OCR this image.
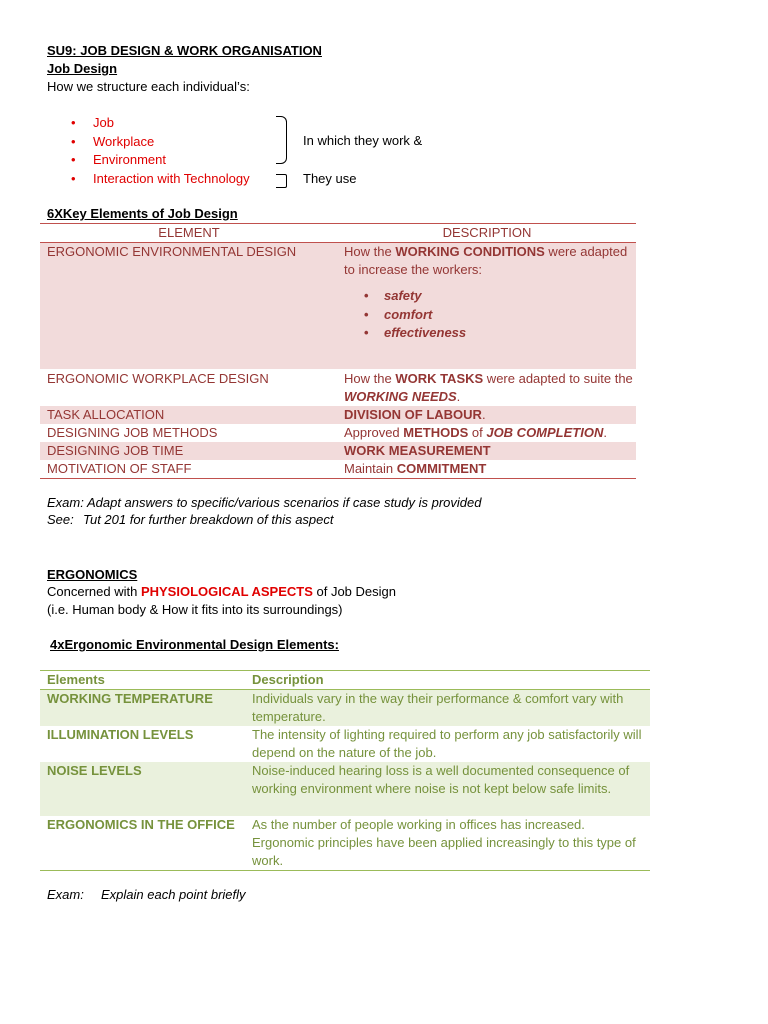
SU9: JOB DESIGN & WORK ORGANISATION
Job Design
How we structure each individual’s:
• Job
• Workplace
• Environment
• Interaction with Technology
In which they work &
They use
6XKey Elements of Job Design
ELEMENT	DESCRIPTION
ERGONOMIC ENVIRONMENTAL DESIGN	How the WORKING CONDITIONS were adapted to increase the workers:
• safety
• comfort
• effectiveness
ERGONOMIC WORKPLACE DESIGN	How the WORK TASKS were adapted to suite the WORKING NEEDS.
TASK ALLOCATION	DIVISION OF LABOUR.
DESIGNING JOB METHODS	Approved METHODS of JOB COMPLETION.
DESIGNING JOB TIME	WORK MEASUREMENT
MOTIVATION OF STAFF	Maintain COMMITMENT
Exam: Adapt answers to specific/various scenarios if case study is provided
See: Tut 201 for further breakdown of this aspect
ERGONOMICS
Concerned with PHYSIOLOGICAL ASPECTS of Job Design
(i.e. Human body & How it fits into its surroundings)
4xErgonomic Environmental Design Elements:
Elements	Description
WORKING TEMPERATURE	Individuals vary in the way their performance & comfort vary with temperature.
ILLUMINATION LEVELS	The intensity of lighting required to perform any job satisfactorily will depend on the nature of the job.
NOISE LEVELS	Noise-induced hearing loss is a well documented consequence of working environment where noise is not kept below safe limits.
ERGONOMICS IN THE OFFICE	As the number of people working in offices has increased. Ergonomic principles have been applied increasingly to this type of work.
Exam: Explain each point briefly
